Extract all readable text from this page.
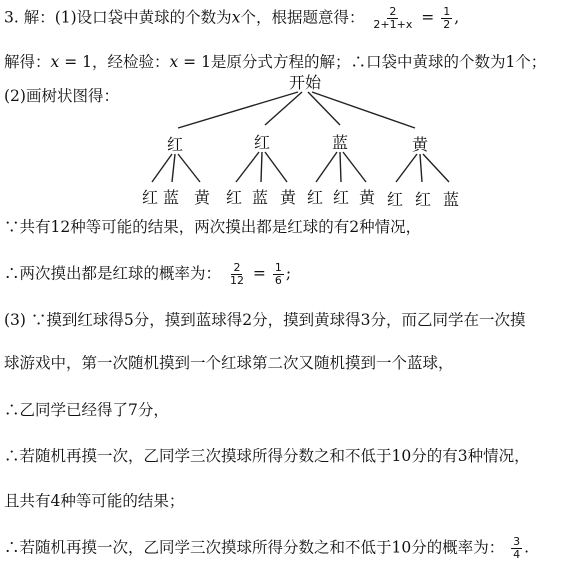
3. 解：(1)设口袋中黄球的个数为x个，根据题意得： $\frac{2}{2+1+x} = \frac{1}{2}$ ,
解得：x = 1，经检验：x = 1是原分式方程的解；∴口袋中黄球的个数为1个；
(2)画树状图得：
开始
红	红	蓝	黄
红 蓝 黄 红 蓝 黄 红 红 黄 红 红 蓝
∵共有12种等可能的结果，两次摸出都是红球的有2种情况，
∴两次摸出都是红球的概率为： $\frac{2}{12} = \frac{1}{6}$ ;
(3) ∵摸到红球得5分，摸到蓝球得2分，摸到黄球得3分，而乙同学在一次摸
球游戏中，第一次随机摸到一个红球第二次又随机摸到一个蓝球，
∴乙同学已经得了7分，
∴若随机再摸一次，乙同学三次摸球所得分数之和不低于10分的有3种情况，
且共有4种等可能的结果；
∴若随机再摸一次，乙同学三次摸球所得分数之和不低于10分的概率为： $\frac{3}{4}$ .
